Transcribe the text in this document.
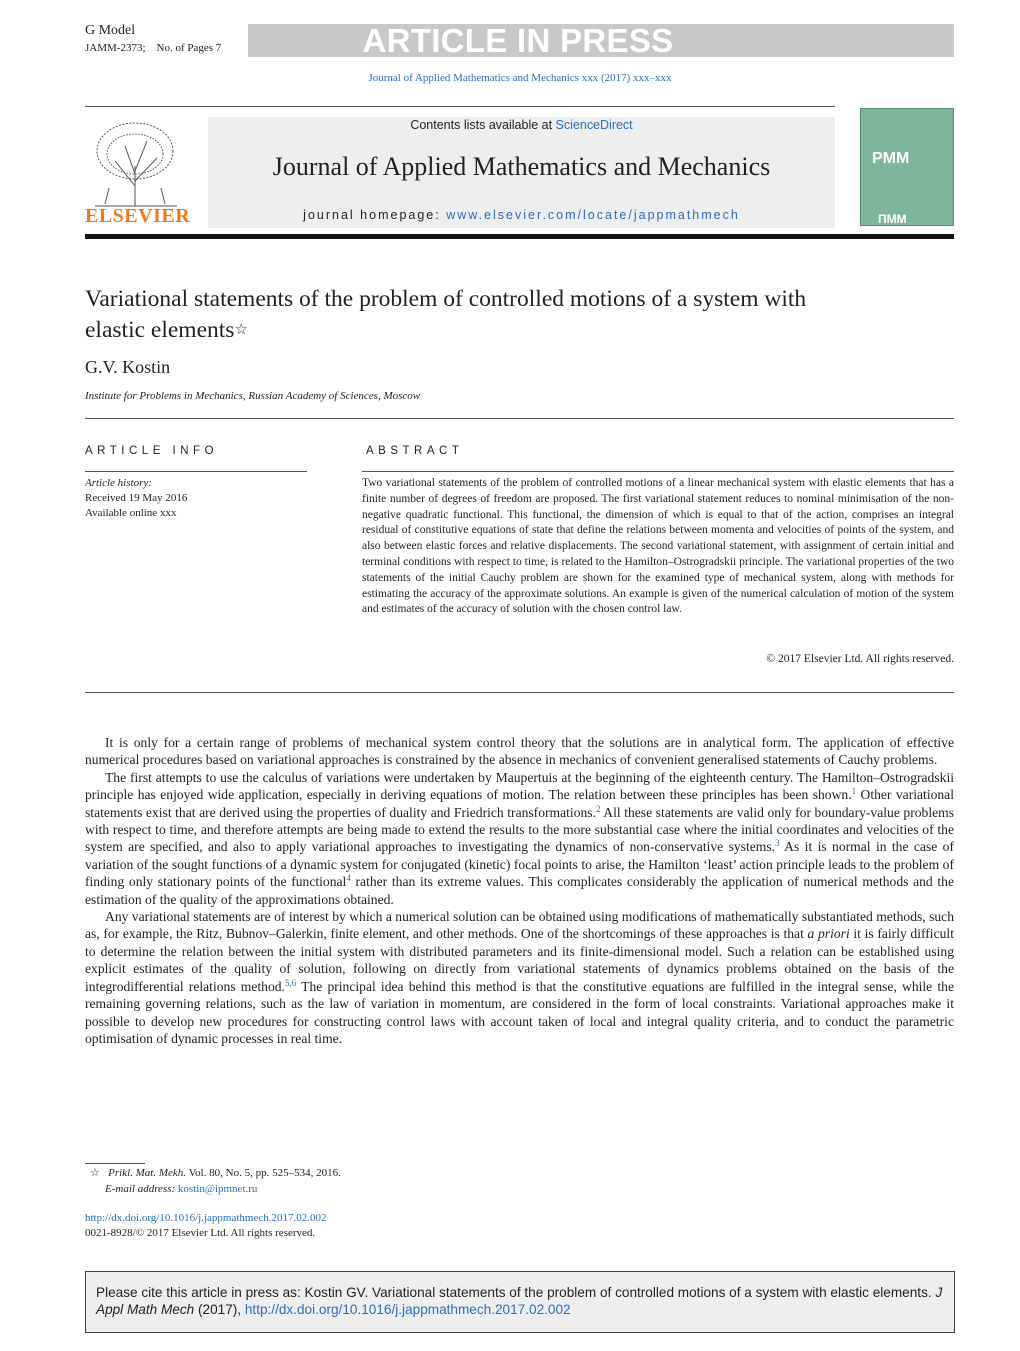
G Model
JAMM-2373; No. of Pages 7	ARTICLE IN PRESS
Journal of Applied Mathematics and Mechanics xxx (2017) xxx–xxx
ELSEVIER
Contents lists available at ScienceDirect
Journal of Applied Mathematics and Mechanics
journal homepage: www.elsevier.com/locate/jappmathmech
PMM
ПММ
Variational statements of the problem of controlled motions of a system with elastic elements☆
G.V. Kostin
Institute for Problems in Mechanics, Russian Academy of Sciences, Moscow
ARTICLE INFO	ABSTRACT
Article history:
Received 19 May 2016
Available online xxx
Two variational statements of the problem of controlled motions of a linear mechanical system with elastic elements that has a finite number of degrees of freedom are proposed. The first variational statement reduces to nominal minimisation of the non-negative quadratic functional. This functional, the dimension of which is equal to that of the action, comprises an integral residual of constitutive equations of state that define the relations between momenta and velocities of points of the system, and also between elastic forces and relative displacements. The second variational statement, with assignment of certain initial and terminal conditions with respect to time, is related to the Hamilton–Ostrogradskii principle. The variational properties of the two statements of the initial Cauchy problem are shown for the examined type of mechanical system, along with methods for estimating the accuracy of the approximate solutions. An example is given of the numerical calculation of motion of the system and estimates of the accuracy of solution with the chosen control law.
© 2017 Elsevier Ltd. All rights reserved.

It is only for a certain range of problems of mechanical system control theory that the solutions are in analytical form. The application of effective numerical procedures based on variational approaches is constrained by the absence in mechanics of convenient generalised statements of Cauchy problems.

The first attempts to use the calculus of variations were undertaken by Maupertuis at the beginning of the eighteenth century. The Hamilton–Ostrogradskii principle has enjoyed wide application, especially in deriving equations of motion. The relation between these principles has been shown.$^1$ Other variational statements exist that are derived using the properties of duality and Friedrich transformations.$^2$ All these statements are valid only for boundary-value problems with respect to time, and therefore attempts are being made to extend the results to the more substantial case where the initial coordinates and velocities of the system are specified, and also to apply variational approaches to investigating the dynamics of non-conservative systems.$^3$ As it is normal in the case of variation of the sought functions of a dynamic system for conjugated (kinetic) focal points to arise, the Hamilton ‘least’ action principle leads to the problem of finding only stationary points of the functional$^4$ rather than its extreme values. This complicates considerably the application of numerical methods and the estimation of the quality of the approximations obtained.

Any variational statements are of interest by which a numerical solution can be obtained using modifications of mathematically substantiated methods, such as, for example, the Ritz, Bubnov–Galerkin, finite element, and other methods. One of the shortcomings of these approaches is that a priori it is fairly difficult to determine the relation between the initial system with distributed parameters and its finite-dimensional model. Such a relation can be established using explicit estimates of the quality of solution, following on directly from variational statements of dynamics problems obtained on the basis of the integrodifferential relations method.$^{5,6}$ The principal idea behind this method is that the constitutive equations are fulfilled in the integral sense, while the remaining governing relations, such as the law of variation in momentum, are considered in the form of local constraints. Variational approaches make it possible to develop new procedures for constructing control laws with account taken of local and integral quality criteria, and to conduct the parametric optimisation of dynamic processes in real time.

☆ Prikl. Mat. Mekh. Vol. 80, No. 5, pp. 525–534, 2016.
E-mail address: kostin@ipmnet.ru
http://dx.doi.org/10.1016/j.jappmathmech.2017.02.002
0021-8928/© 2017 Elsevier Ltd. All rights reserved.
Please cite this article in press as: Kostin GV. Variational statements of the problem of controlled motions of a system with elastic elements. J Appl Math Mech (2017), http://dx.doi.org/10.1016/j.jappmathmech.2017.02.002
